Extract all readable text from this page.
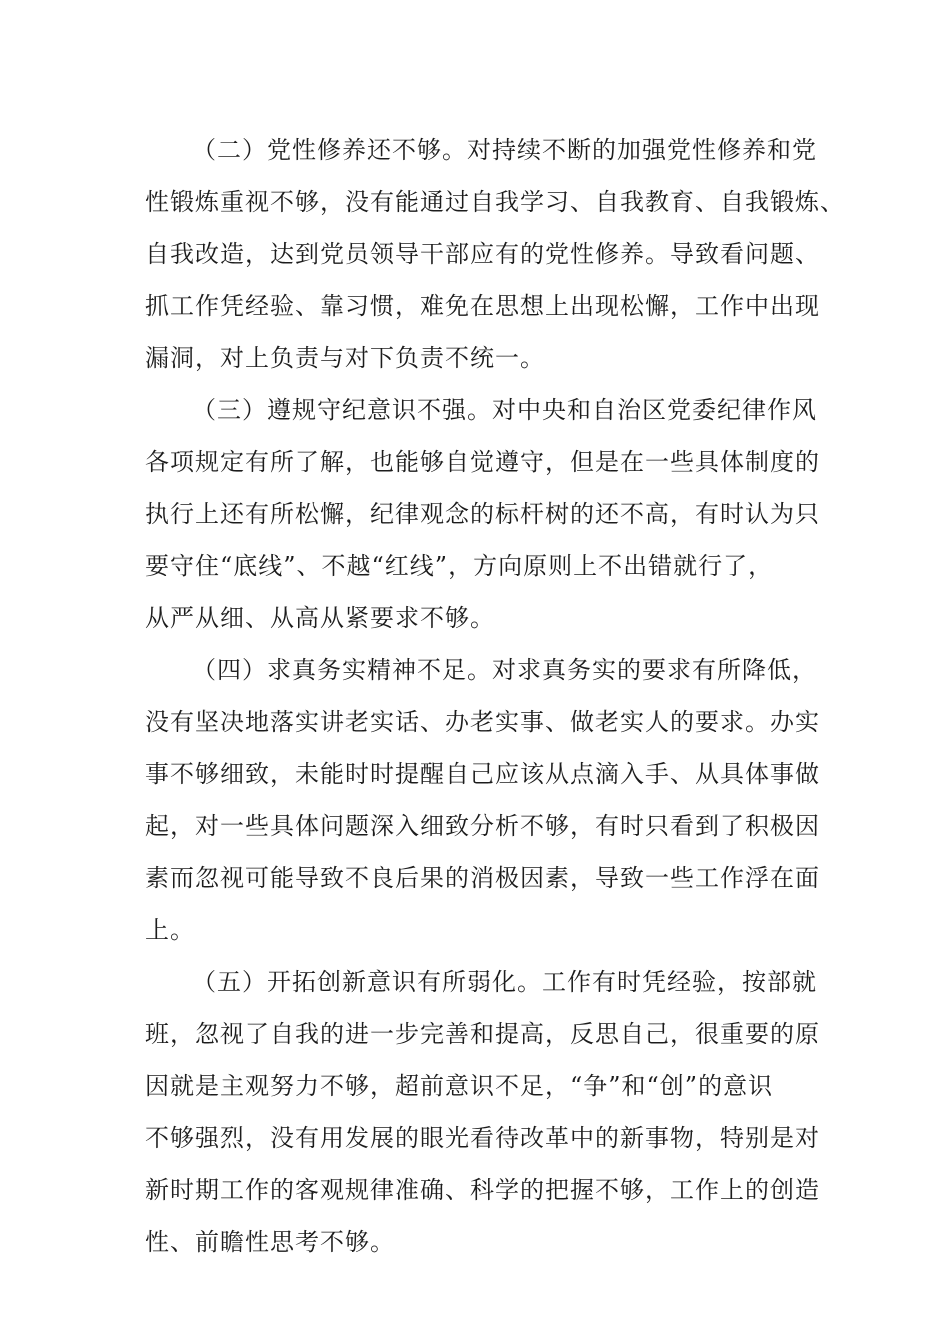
（二）党性修养还不够。对持续不断的加强党性修养和党

性锻炼重视不够，没有能通过自我学习、自我教育、自我锻炼、

自我改造，达到党员领导干部应有的党性修养。导致看问题、

抓工作凭经验、靠习惯，难免在思想上出现松懈，工作中出现

漏洞，对上负责与对下负责不统一。

（三）遵规守纪意识不强。对中央和自治区党委纪律作风

各项规定有所了解，也能够自觉遵守，但是在一些具体制度的

执行上还有所松懈，纪律观念的标杆树的还不高，有时认为只

要守住“底线”、不越“红线”，方向原则上不出错就行了，

从严从细、从高从紧要求不够。

（四）求真务实精神不足。对求真务实的要求有所降低，

没有坚决地落实讲老实话、办老实事、做老实人的要求。办实

事不够细致，未能时时提醒自己应该从点滴入手、从具体事做

起，对一些具体问题深入细致分析不够，有时只看到了积极因

素而忽视可能导致不良后果的消极因素，导致一些工作浮在面

上。

（五）开拓创新意识有所弱化。工作有时凭经验，按部就

班，忽视了自我的进一步完善和提高，反思自己，很重要的原

因就是主观努力不够，超前意识不足，“争”和“创”的意识

不够强烈，没有用发展的眼光看待改革中的新事物，特别是对

新时期工作的客观规律准确、科学的把握不够，工作上的创造

性、前瞻性思考不够。
